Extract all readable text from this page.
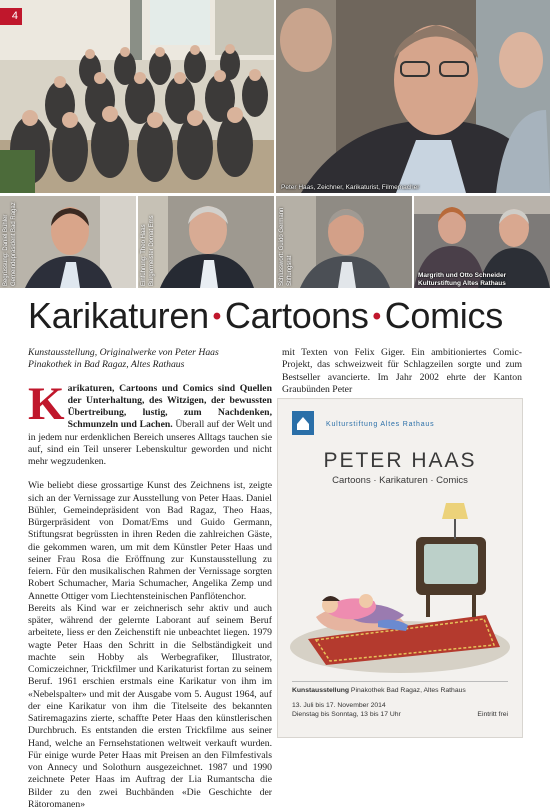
4
Peter Haas, Zeichner, Karikaturist, Filmemacher
Begrüssung: Daniel Bühler Gemeindepräsident Bad Ragaz	Einführung: Theo Haas Bürgermeister Domat Ems	Schlusswort: Guido Germann Stiftungsrat	Margrith und Otto Schneider
Kulturstiftung Altes Rathaus
Karikaturen • Cartoons • Comics

Kunstausstellung, Originalwerke von Peter Haas

Pinakothek in Bad Ragaz, Altes Rathaus

Karikaturen, Cartoons und Comics sind Quellen der Unterhaltung, des Witzigen, der bewussten Übertreibung, lustig, zum Nachdenken, Schmunzeln und Lachen. Überall auf der Welt und in jedem nur erdenklichen Bereich unseres Alltags tauchen sie auf, sind ein Teil unserer Lebenskultur geworden und nicht mehr wegzudenken.

Wie beliebt diese grossartige Kunst des Zeichnens ist, zeigte sich an der Vernissage zur Ausstellung von Peter Haas. Daniel Bühler, Gemeindepräsident von Bad Ragaz, Theo Haas, Bürgerpräsident von Domat/Ems und Guido Germann, Stiftungsrat begrüssten in ihren Reden die zahlreichen Gäste, die gekommen waren, um mit dem Künstler Peter Haas und seiner Frau Rosa die Eröffnung zur Kunstausstellung zu feiern. Für den musikalischen Rahmen der Vernissage sorgten Robert Schumacher, Maria Schumacher, Angelika Zemp und Annette Ottiger vom Liechtensteinischen Panflötenchor.

Bereits als Kind war er zeichnerisch sehr aktiv und auch später, während der gelernte Laborant auf seinem Beruf arbeitete, liess er den Zeichenstift nie unbeachtet liegen. 1979 wagte Peter Haas den Schritt in die Selbständigkeit und machte sein Hobby als Werbegrafiker, Illustrator, Comiczeichner, Trickfilmer und Karikaturist fortan zu seinem Beruf. 1961 erschien erstmals eine Karikatur von ihm im «Nebelspalter» und mit der Ausgabe vom 5. August 1964, auf der eine Karikatur von ihm die Titelseite des bekannten Satiremagazins zierte, schaffte Peter Haas den künstlerischen Durchbruch. Es entstanden die ersten Trickfilme aus seiner Hand, welche an Fernsehstationen weltweit verkauft wurden. Für einige wurde Peter Haas mit Preisen an den Filmfestivals von Annecy und Solothurn ausgezeichnet. 1987 und 1990 zeichnete Peter Haas im Auftrag der Lia Rumantscha die Bilder zu den zwei Buchbänden «Die Geschichte der Rätoromanen»

mit Texten von Felix Giger. Ein ambitioniertes Comic-Projekt, das schweizweit für Schlagzeilen sorgte und zum Bestseller avancierte. Im Jahr 2002 ehrte der Kanton Graubünden Peter

Kulturstiftung Altes Rathaus
PETER HAAS
Cartoons · Karikaturen · Comics
Kunstausstellung Pinakothek Bad Ragaz, Altes Rathaus
13. Juli bis 17. November 2014
Dienstag bis Sonntag, 13 bis 17 Uhr	Eintritt frei
